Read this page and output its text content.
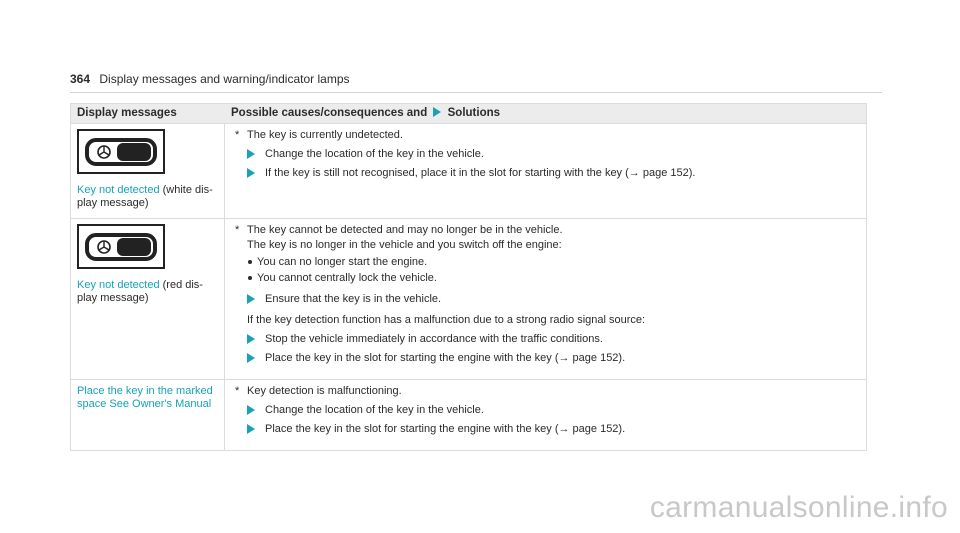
364 Display messages and warning/indicator lamps
Display messages	Possible causes/consequences and Solutions
Key not detected (white dis-play message)
* The key is currently undetected.
Change the location of the key in the vehicle.
If the key is still not recognised, place it in the slot for starting with the key (→ page 152).
Key not detected (red dis-play message)
* The key cannot be detected and may no longer be in the vehicle.
The key is no longer in the vehicle and you switch off the engine:
You can no longer start the engine.
You cannot centrally lock the vehicle.
Ensure that the key is in the vehicle.
If the key detection function has a malfunction due to a strong radio signal source:
Stop the vehicle immediately in accordance with the traffic conditions.
Place the key in the slot for starting the engine with the key (→ page 152).
Place the key in the marked space See Owner's Manual
* Key detection is malfunctioning.
Change the location of the key in the vehicle.
Place the key in the slot for starting the engine with the key (→ page 152).
carmanualsonline.info
